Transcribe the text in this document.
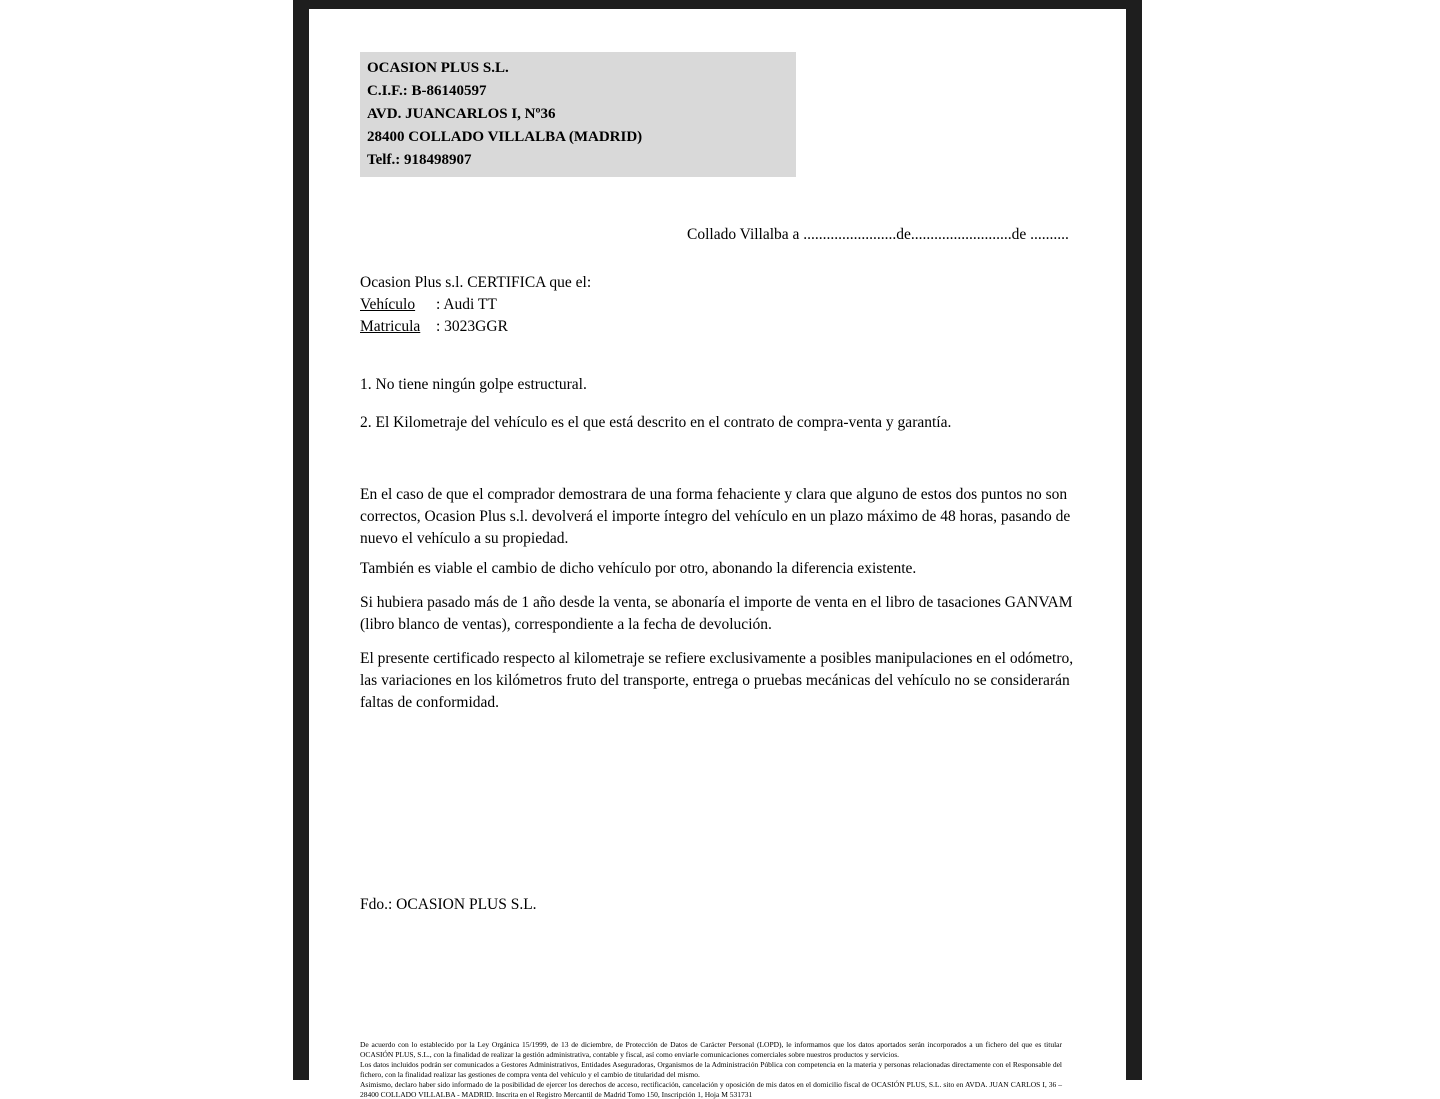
OCASION PLUS S.L.
C.I.F.: B-86140597
AVD. JUANCARLOS I, Nº36
28400 COLLADO VILLALBA (MADRID)
Telf.: 918498907

Collado Villalba a ........................de..........................de ..........

Ocasion Plus s.l. CERTIFICA que el:

Vehículo : Audi TT
Matricula : 3023GGR

1. No tiene ningún golpe estructural.

2. El Kilometraje del vehículo es el que está descrito en el contrato de compra-venta y garantía.

En el caso de que el comprador demostrara de una forma fehaciente y clara que alguno de estos dos puntos no son correctos, Ocasion Plus s.l. devolverá el importe íntegro del vehículo en un plazo máximo de 48 horas, pasando de nuevo el vehículo a su propiedad.

También es viable el cambio de dicho vehículo por otro, abonando la diferencia existente.

Si hubiera pasado más de 1 año desde la venta, se abonaría el importe de venta en el libro de tasaciones GANVAM (libro blanco de ventas), correspondiente a la fecha de devolución.

El presente certificado respecto al kilometraje se refiere exclusivamente a posibles manipulaciones en el odómetro, las variaciones en los kilómetros fruto del transporte, entrega o pruebas mecánicas del vehículo no se considerarán faltas de conformidad.

Fdo.: OCASION PLUS S.L.

De acuerdo con lo establecido por la Ley Orgánica 15/1999, de 13 de diciembre, de Protección de Datos de Carácter Personal (LOPD), le informamos que los datos aportados serán incorporados a un fichero del que es titular OCASIÓN PLUS, S.L., con la finalidad de realizar la gestión administrativa, contable y fiscal, así como enviarle comunicaciones comerciales sobre nuestros productos y servicios.

Los datos incluidos podrán ser comunicados a Gestores Administrativos, Entidades Aseguradoras, Organismos de la Administración Pública con competencia en la materia y personas relacionadas directamente con el Responsable del fichero, con la finalidad realizar las gestiones de compra venta del vehículo y el cambio de titularidad del mismo.

Asimismo, declaro haber sido informado de la posibilidad de ejercer los derechos de acceso, rectificación, cancelación y oposición de mis datos en el domicilio fiscal de OCASIÓN PLUS, S.L. sito en AVDA. JUAN CARLOS I, 36 – 28400 COLLADO VILLALBA - MADRID. Inscrita en el Registro Mercantil de Madrid Tomo 150, Inscripción 1, Hoja M 531731
